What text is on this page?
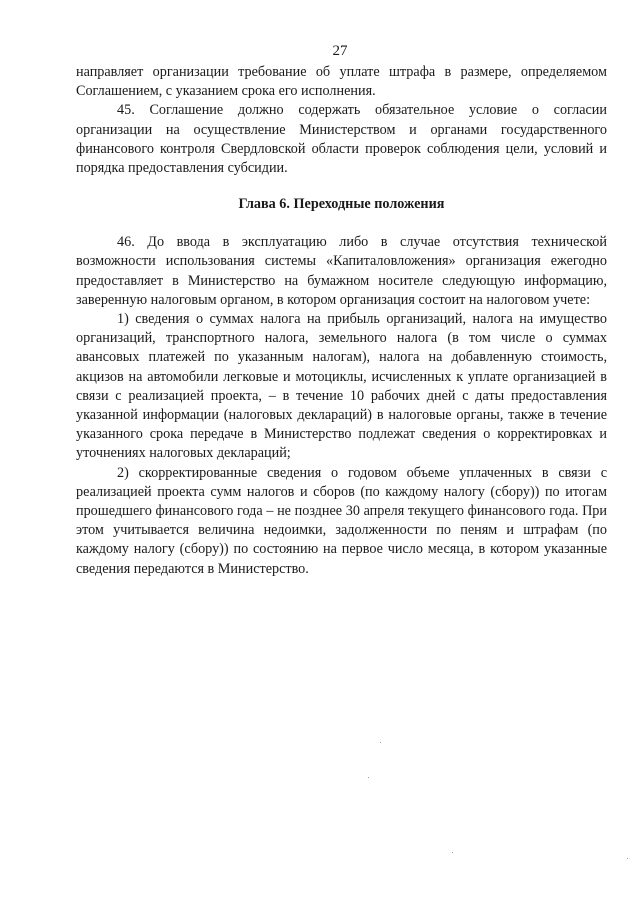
27

направляет организации требование об уплате штрафа в размере, определяемом Соглашением, с указанием срока его исполнения.

45. Соглашение должно содержать обязательное условие о согласии организации на осуществление Министерством и органами государственного финансового контроля Свердловской области проверок соблюдения цели, условий и порядка предоставления субсидии.

Глава 6. Переходные положения

46. До ввода в эксплуатацию либо в случае отсутствия технической возможности использования системы «Капиталовложения» организация ежегодно предоставляет в Министерство на бумажном носителе следующую информацию, заверенную налоговым органом, в котором организация состоит на налоговом учете:

1) сведения о суммах налога на прибыль организаций, налога на имущество организаций, транспортного налога, земельного налога (в том числе о суммах авансовых платежей по указанным налогам), налога на добавленную стоимость, акцизов на автомобили легковые и мотоциклы, исчисленных к уплате организацией в связи с реализацией проекта, – в течение 10 рабочих дней с даты предоставления указанной информации (налоговых деклараций) в налоговые органы, также в течение указанного срока передаче в Министерство подлежат сведения о корректировках и уточнениях налоговых деклараций;

2) скорректированные сведения о годовом объеме уплаченных в связи с реализацией проекта сумм налогов и сборов (по каждому налогу (сбору)) по итогам прошедшего финансового года – не позднее 30 апреля текущего финансового года. При этом учитывается величина недоимки, задолженности по пеням и штрафам (по каждому налогу (сбору)) по состоянию на первое число месяца, в котором указанные сведения передаются в Министерство.
